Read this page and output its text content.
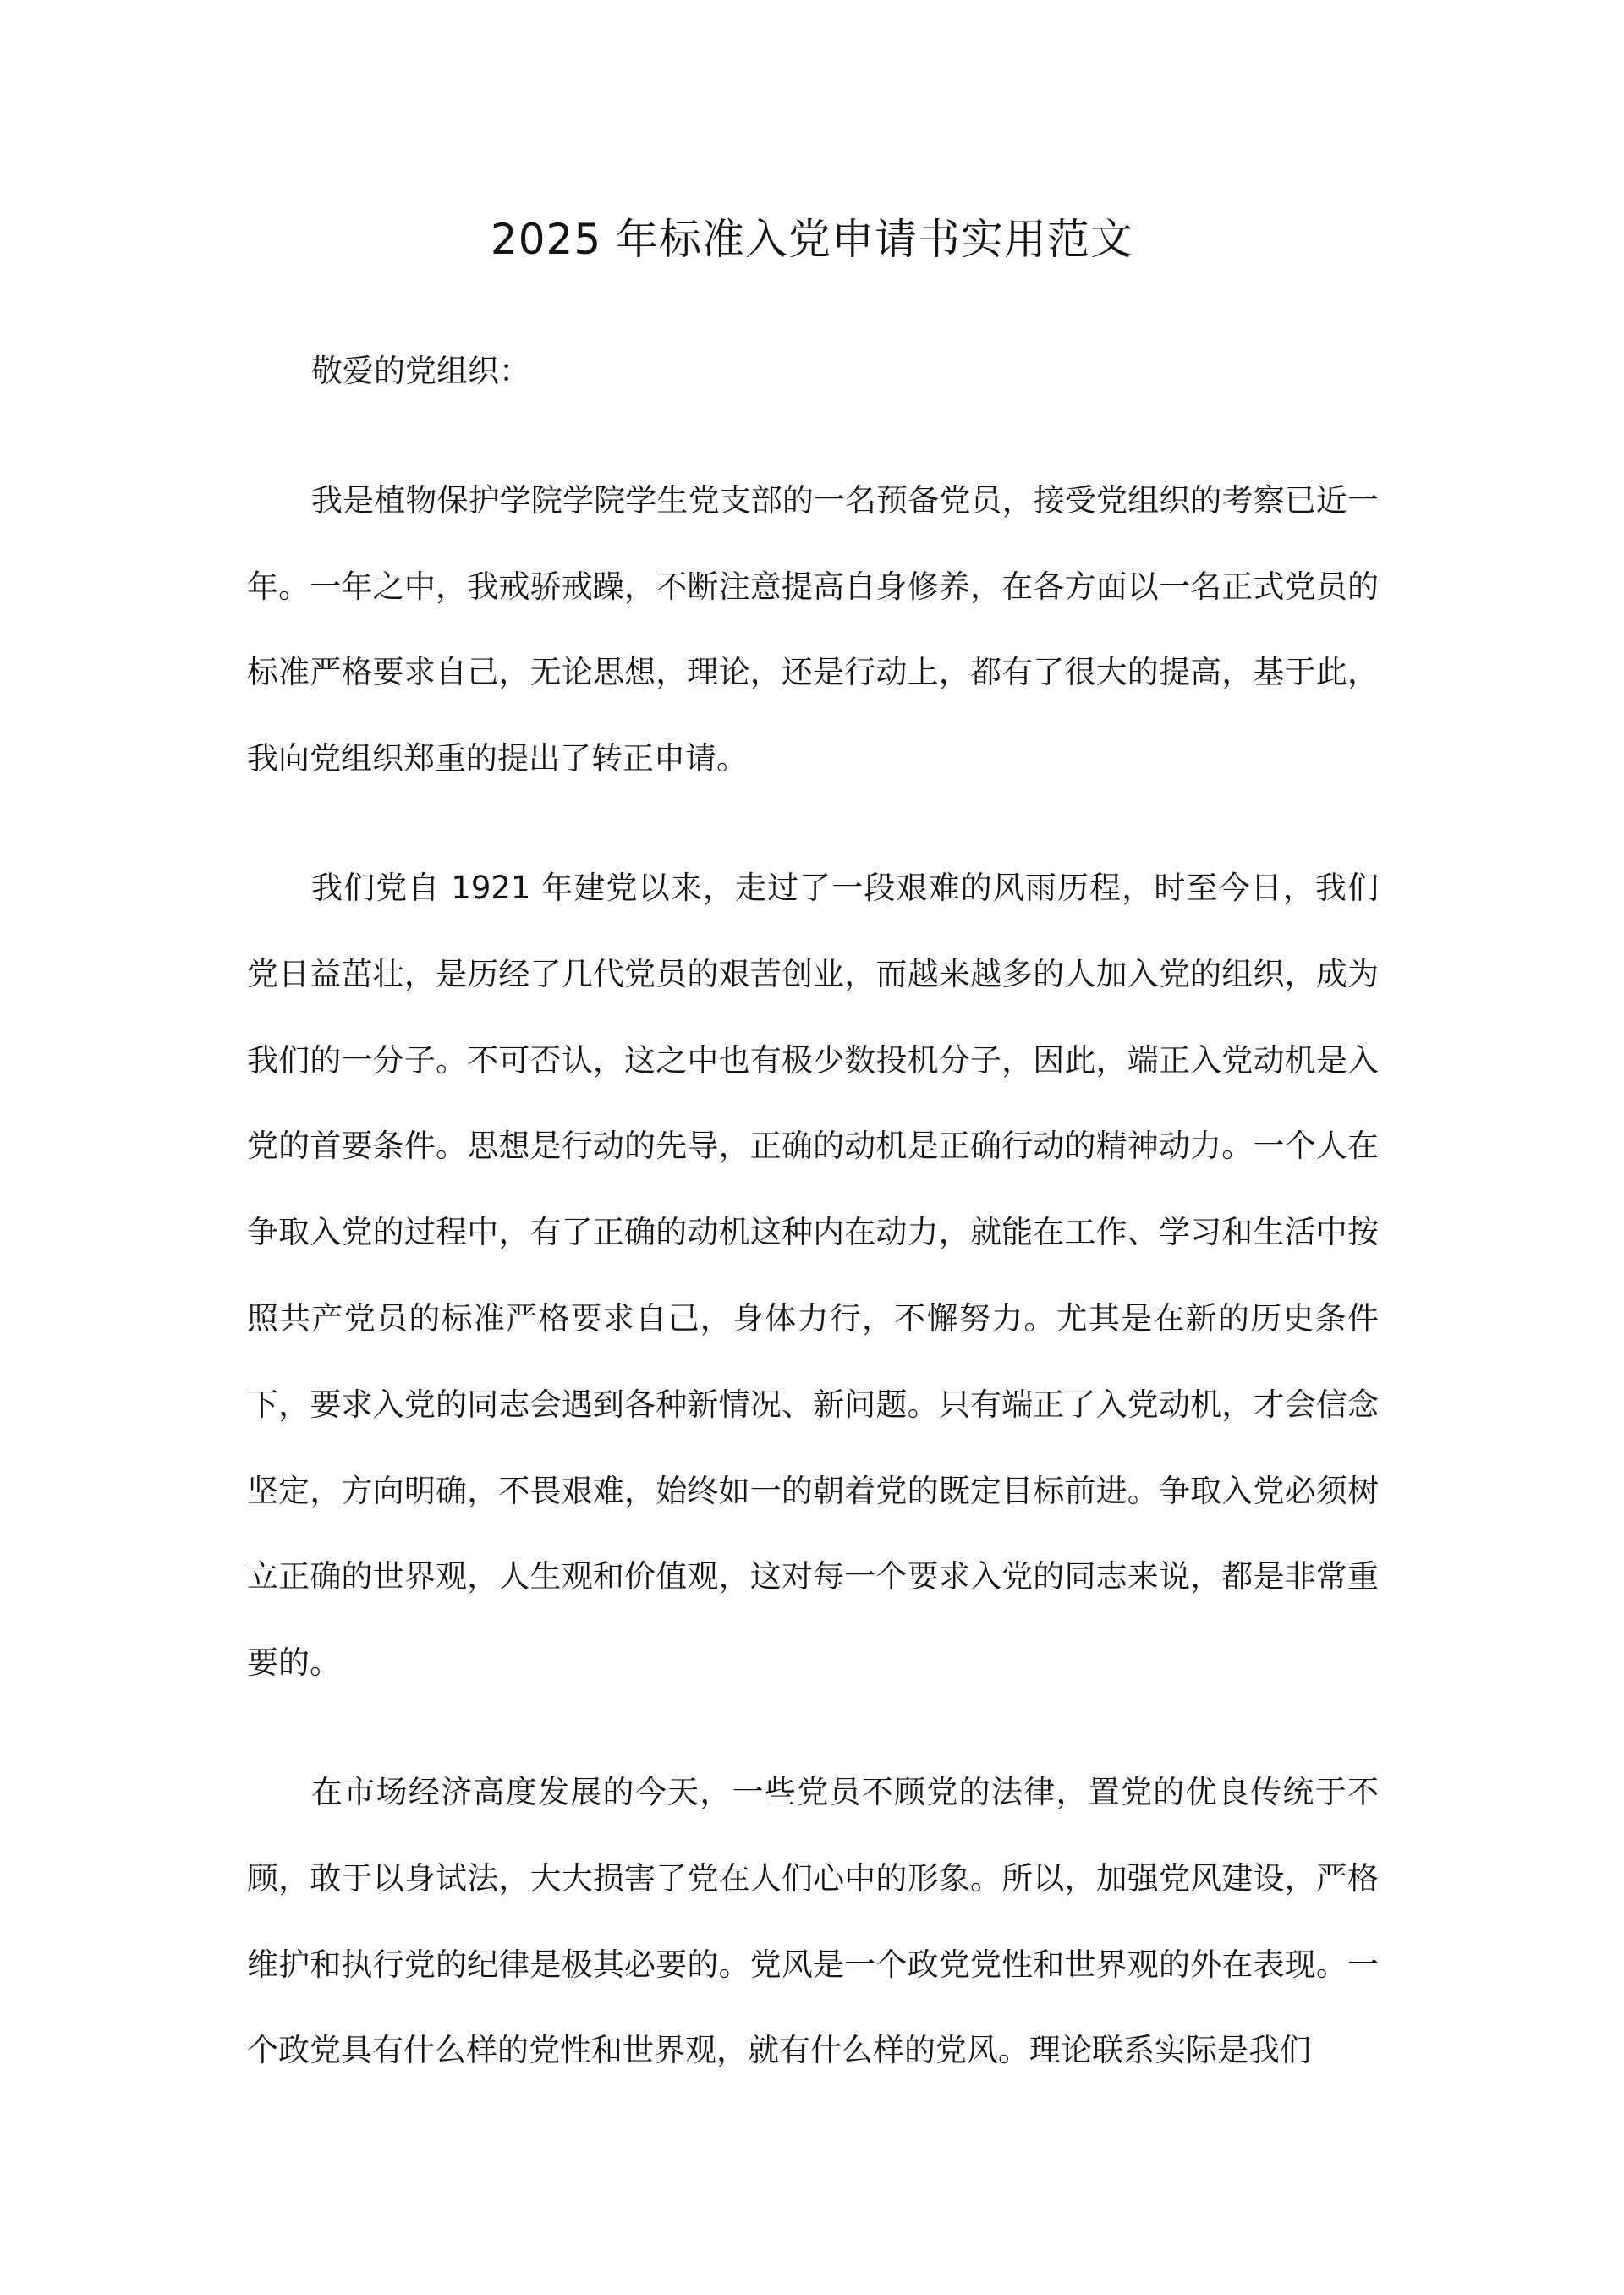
2025 年标准入党申请书实用范文

敬爱的党组织：

我是植物保护学院学院学生党支部的一名预备党员，接受党组织的考察已近一年。一年之中，我戒骄戒躁，不断注意提高自身修养，在各方面以一名正式党员的标准严格要求自己，无论思想，理论，还是行动上，都有了很大的提高，基于此，我向党组织郑重的提出了转正申请。

我们党自 1921 年建党以来，走过了一段艰难的风雨历程，时至今日，我们党日益茁壮，是历经了几代党员的艰苦创业，而越来越多的人加入党的组织，成为我们的一分子。不可否认，这之中也有极少数投机分子，因此，端正入党动机是入党的首要条件。思想是行动的先导，正确的动机是正确行动的精神动力。一个人在争取入党的过程中，有了正确的动机这种内在动力，就能在工作、学习和生活中按照共产党员的标准严格要求自己，身体力行，不懈努力。尤其是在新的历史条件下，要求入党的同志会遇到各种新情况、新问题。只有端正了入党动机，才会信念坚定，方向明确，不畏艰难，始终如一的朝着党的既定目标前进。争取入党必须树立正确的世界观，人生观和价值观，这对每一个要求入党的同志来说，都是非常重要的。

在市场经济高度发展的今天，一些党员不顾党的法律，置党的优良传统于不顾，敢于以身试法，大大损害了党在人们心中的形象。所以，加强党风建设，严格维护和执行党的纪律是极其必要的。党风是一个政党党性和世界观的外在表现。一个政党具有什么样的党性和世界观，就有什么样的党风。理论联系实际是我们
